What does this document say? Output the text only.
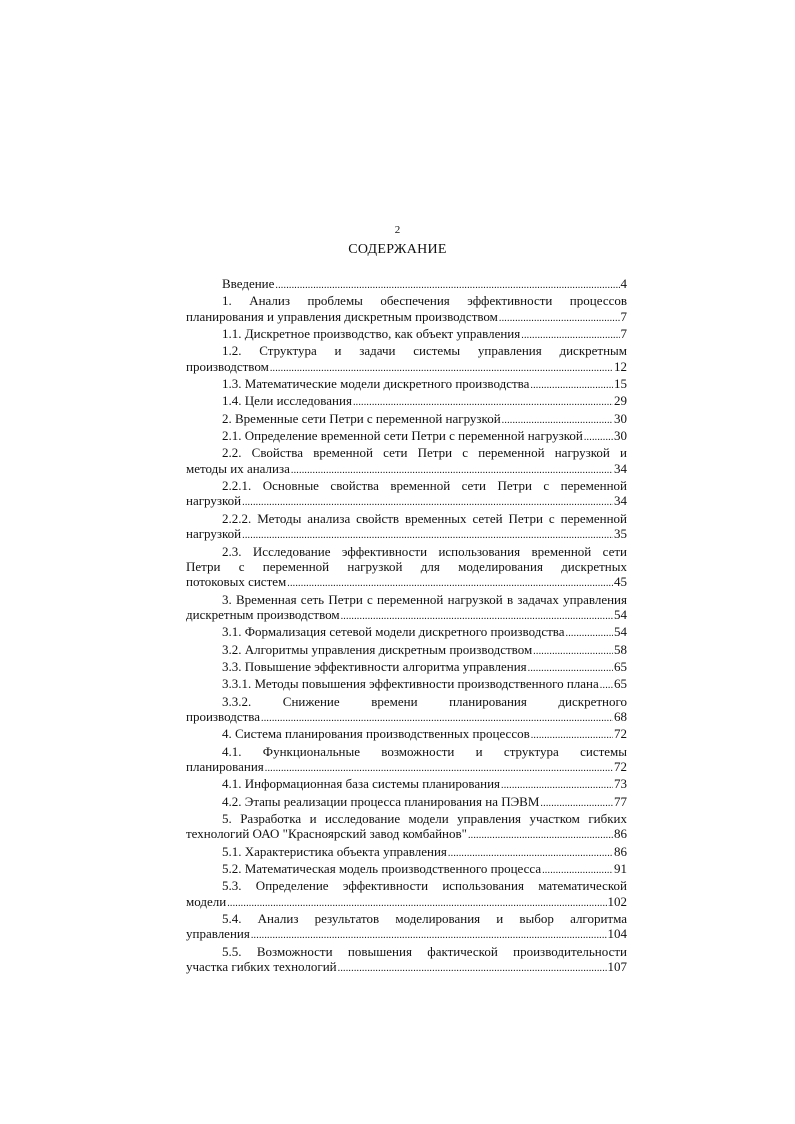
2
СОДЕРЖАНИЕ
Введение .....	4
1. Анализ проблемы обеспечения эффективности процессов
планирования и управления дискретным производством .....	7
1.1. Дискретное производство, как объект управления .....	7
1.2. Структура и задачи системы управления дискретным
производством .....	12
1.3. Математические модели дискретного производства .....	15
1.4. Цели исследования .....	29
2. Временные сети Петри с переменной нагрузкой .....	30
2.1. Определение временной сети Петри с переменной нагрузкой ..... 30
2.2. Свойства временной сети Петри с переменной нагрузкой и
методы их анализа .....	34
2.2.1. Основные свойства временной сети Петри с переменной
нагрузкой .....	34
2.2.2. Методы анализа свойств временных сетей Петри с переменной
нагрузкой .....	35
2.3. Исследование эффективности использования временной сети
Петри с переменной нагрузкой для моделирования дискретных
потоковых систем .....	45
3. Временная сеть Петри с переменной нагрузкой в задачах управления
дискретным производством .....	54
3.1. Формализация сетевой модели дискретного производства .....	54
3.2. Алгоритмы управления дискретным производством .....	58
3.3. Повышение эффективности алгоритма управления .....	65
3.3.1. Методы повышения эффективности производственного плана ..... 65
3.3.2. Снижение времени планирования дискретного
производства .....	68
4. Система планирования производственных процессов .....	72
4.1. Функциональные возможности и структура системы
планирования .....	72
4.1. Информационная база системы планирования .....	73
4.2. Этапы реализации процесса планирования на ПЭВМ .....	77
5. Разработка и исследование модели управления участком гибких
технологий ОАО "Красноярский завод комбайнов" .....	86
5.1. Характеристика объекта управления .....	86
5.2. Математическая модель производственного процесса .....	91
5.3. Определение эффективности использования математической
модели .....	102
5.4. Анализ результатов моделирования и выбор алгоритма
управления .....	104
5.5. Возможности повышения фактической производительности
участка гибких технологий .....	107
